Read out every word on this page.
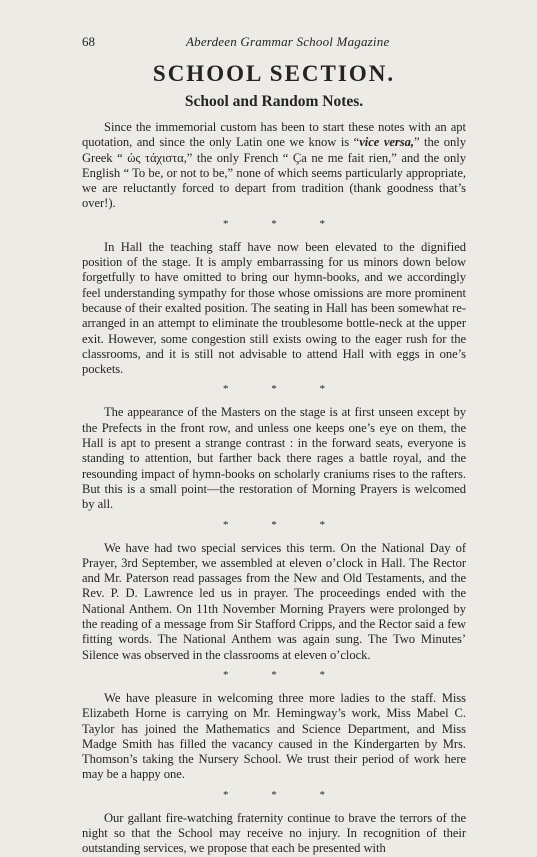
68	Aberdeen Grammar School Magazine
SCHOOL SECTION.
School and Random Notes.

Since the immemorial custom has been to start these notes with an apt quotation, and since the only Latin one we know is “vice versa,” the only Greek “ ὡς τάχιστα,” the only French “ Ça ne me fait rien,” and the only English “ To be, or not to be,” none of which seems particularly appropriate, we are reluctantly forced to depart from tradition (thank goodness that’s over!).

* * *

In Hall the teaching staff have now been elevated to the dignified position of the stage. It is amply embarrassing for us minors down below forgetfully to have omitted to bring our hymn-books, and we accordingly feel understanding sympathy for those whose omissions are more prominent because of their exalted position. The seating in Hall has been somewhat re-arranged in an attempt to eliminate the troublesome bottle-neck at the upper exit. However, some congestion still exists owing to the eager rush for the classrooms, and it is still not advisable to attend Hall with eggs in one’s pockets.

* * *

The appearance of the Masters on the stage is at first unseen except by the Prefects in the front row, and unless one keeps one’s eye on them, the Hall is apt to present a strange contrast : in the forward seats, everyone is standing to attention, but farther back there rages a battle royal, and the resounding impact of hymn-books on scholarly craniums rises to the rafters. But this is a small point—the restoration of Morning Prayers is welcomed by all.

* * *

We have had two special services this term. On the National Day of Prayer, 3rd September, we assembled at eleven o’clock in Hall. The Rector and Mr. Paterson read passages from the New and Old Testaments, and the Rev. P. D. Lawrence led us in prayer. The proceedings ended with the National Anthem. On 11th November Morning Prayers were prolonged by the reading of a message from Sir Stafford Cripps, and the Rector said a few fitting words. The National Anthem was again sung. The Two Minutes’ Silence was observed in the classrooms at eleven o’clock.

* * *

We have pleasure in welcoming three more ladies to the staff. Miss Elizabeth Horne is carrying on Mr. Hemingway’s work, Miss Mabel C. Taylor has joined the Mathematics and Science Department, and Miss Madge Smith has filled the vacancy caused in the Kindergarten by Mrs. Thomson’s taking the Nursery School. We trust their period of work here may be a happy one.

* * *

Our gallant fire-watching fraternity continue to brave the terrors of the night so that the School may receive no injury. In recognition of their outstanding services, we propose that each be presented with
